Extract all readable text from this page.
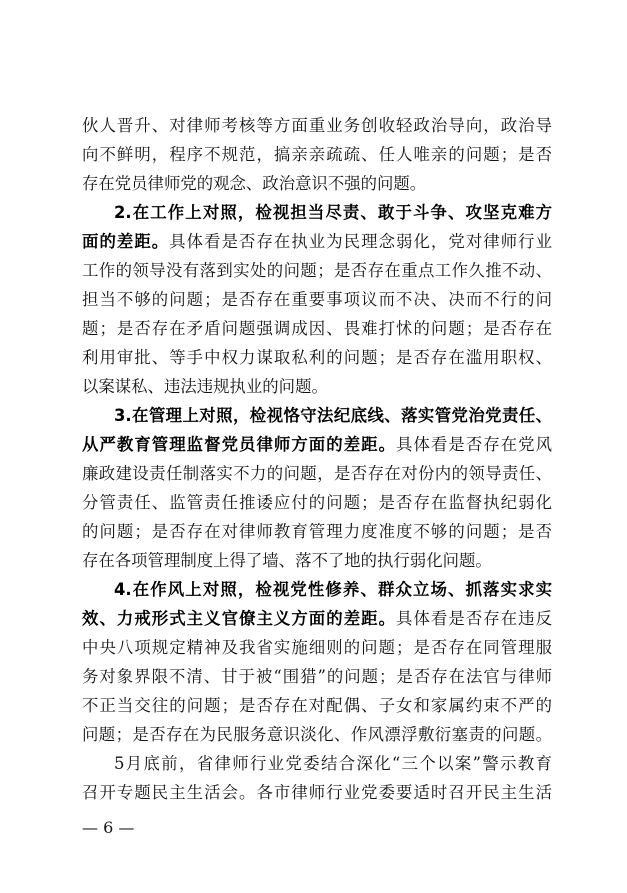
伙人晋升、对律师考核等方面重业务创收轻政治导向，政治导
向不鲜明，程序不规范，搞亲亲疏疏、任人唯亲的问题；是否
存在党员律师党的观念、政治意识不强的问题。
2.在工作上对照，检视担当尽责、敢于斗争、攻坚克难方
面的差距。具体看是否存在执业为民理念弱化，党对律师行业
工作的领导没有落到实处的问题；是否存在重点工作久推不动、
担当不够的问题；是否存在重要事项议而不决、决而不行的问
题；是否存在矛盾问题强调成因、畏难打怵的问题；是否存在
利用审批、等手中权力谋取私利的问题；是否存在滥用职权、
以案谋私、违法违规执业的问题。
3.在管理上对照，检视恪守法纪底线、落实管党治党责任、
从严教育管理监督党员律师方面的差距。具体看是否存在党风
廉政建设责任制落实不力的问题，是否存在对份内的领导责任、
分管责任、监管责任推诿应付的问题；是否存在监督执纪弱化
的问题；是否存在对律师教育管理力度准度不够的问题；是否
存在各项管理制度上得了墙、落不了地的执行弱化问题。
4.在作风上对照，检视党性修养、群众立场、抓落实求实
效、力戒形式主义官僚主义方面的差距。具体看是否存在违反
中央八项规定精神及我省实施细则的问题；是否存在同管理服
务对象界限不清、甘于被“围猎”的问题；是否存在法官与律师
不正当交往的问题；是否存在对配偶、子女和家属约束不严的
问题；是否存在为民服务意识淡化、作风漂浮敷衍塞责的问题。
5月底前，省律师行业党委结合深化“三个以案”警示教育
召开专题民主生活会。各市律师行业党委要适时召开民主生活
— 6 —
